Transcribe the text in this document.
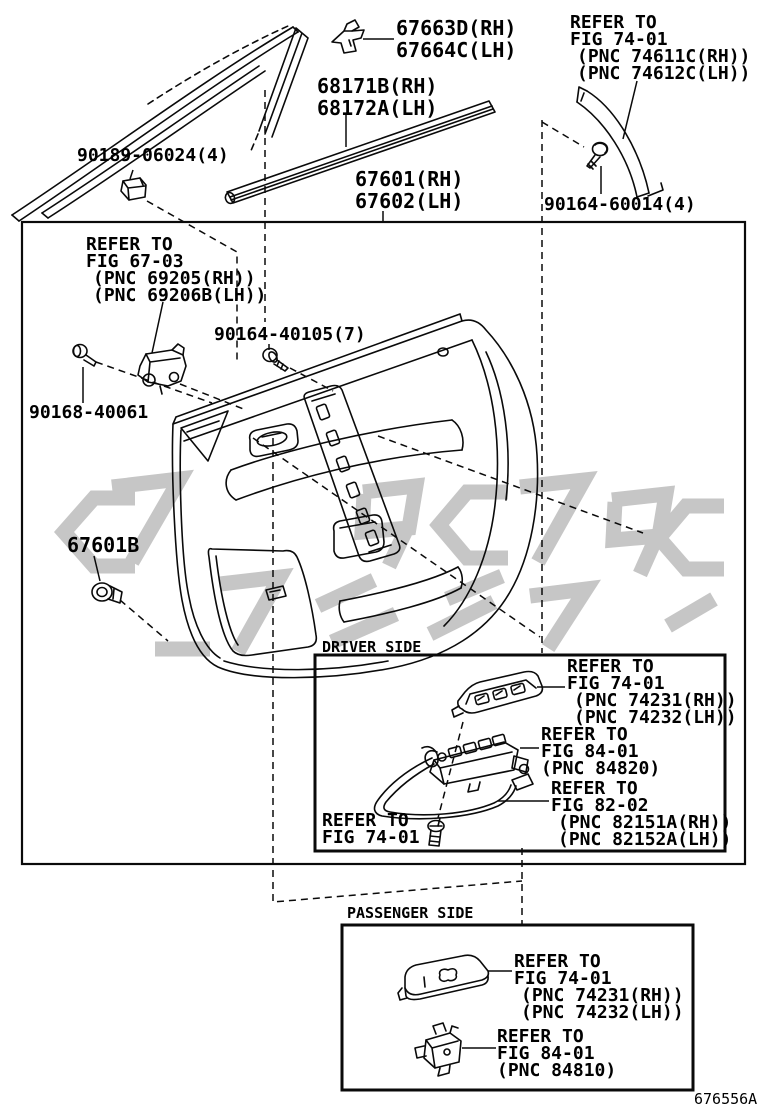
67663D(RH)
67664C(LH)
REFER TO
FIG 74-01
(PNC 74611C(RH))
(PNC 74612C(LH))
68171B(RH)
68172A(LH)
90189-06024(4)
67601(RH)
67602(LH)	90164-60014(4)
REFER TO
FIG 67-03
(PNC 69205(RH))
(PNC 69206B(LH))
90164-40105(7)
90168-40061
67601B
DRIVER SIDE
REFER TO
FIG 74-01
(PNC 74231(RH))
(PNC 74232(LH))
REFER TO
FIG 84-01
(PNC 84820)
REFER TO
FIG 82-02
(PNC 82151A(RH))
(PNC 82152A(LH))
REFER TO
FIG 74-01
PASSENGER SIDE
REFER TO
FIG 74-01
(PNC 74231(RH))
(PNC 74232(LH))
REFER TO
FIG 84-01
(PNC 84810)
676556A
